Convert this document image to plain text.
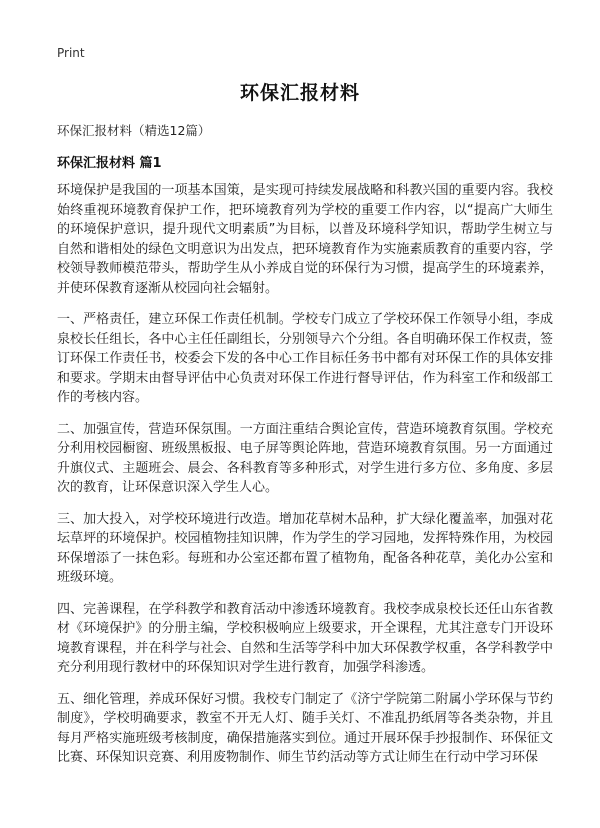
Print
环保汇报材料
环保汇报材料（精选12篇）
环保汇报材料 篇1

环境保护是我国的一项基本国策，是实现可持续发展战略和科教兴国的重要内容。我校始终重视环境教育保护工作，把环境教育列为学校的重要工作内容，以“提高广大师生的环境保护意识，提升现代文明素质”为目标，以普及环境科学知识，帮助学生树立与自然和谐相处的绿色文明意识为出发点，把环境教育作为实施素质教育的重要内容，学校领导教师模范带头，帮助学生从小养成自觉的环保行为习惯，提高学生的环境素养，并使环保教育逐渐从校园向社会辐射。

一、严格责任，建立环保工作责任机制。学校专门成立了学校环保工作领导小组，李成泉校长任组长，各中心主任任副组长，分别领导六个分组。各自明确环保工作权责，签订环保工作责任书，校委会下发的各中心工作目标任务书中都有对环保工作的具体安排和要求。学期末由督导评估中心负责对环保工作进行督导评估，作为科室工作和级部工作的考核内容。

二、加强宣传，营造环保氛围。一方面注重结合舆论宣传，营造环境教育氛围。学校充分利用校园橱窗、班级黑板报、电子屏等舆论阵地，营造环境教育氛围。另一方面通过升旗仪式、主题班会、晨会、各科教育等多种形式，对学生进行多方位、多角度、多层次的教育，让环保意识深入学生人心。

三、加大投入，对学校环境进行改造。增加花草树木品种，扩大绿化覆盖率，加强对花坛草坪的环境保护。校园植物挂知识牌，作为学生的学习园地，发挥特殊作用，为校园环保增添了一抹色彩。每班和办公室还都布置了植物角，配备各种花草，美化办公室和班级环境。

四、完善课程，在学科教学和教育活动中渗透环境教育。我校李成泉校长还任山东省教材《环境保护》的分册主编，学校积极响应上级要求，开全课程，尤其注意专门开设环境教育课程，并在科学与社会、自然和生活等学科中加大环保教学权重，各学科教学中充分利用现行教材中的环保知识对学生进行教育，加强学科渗透。

五、细化管理，养成环保好习惯。我校专门制定了《济宁学院第二附属小学环保与节约制度》，学校明确要求，教室不开无人灯、随手关灯、不准乱扔纸屑等各类杂物，并且每月严格实施班级考核制度，确保措施落实到位。通过开展环保手抄报制作、环保征文比赛、环保知识竞赛、利用废物制作、师生节约活动等方式让师生在行动中学习环保
